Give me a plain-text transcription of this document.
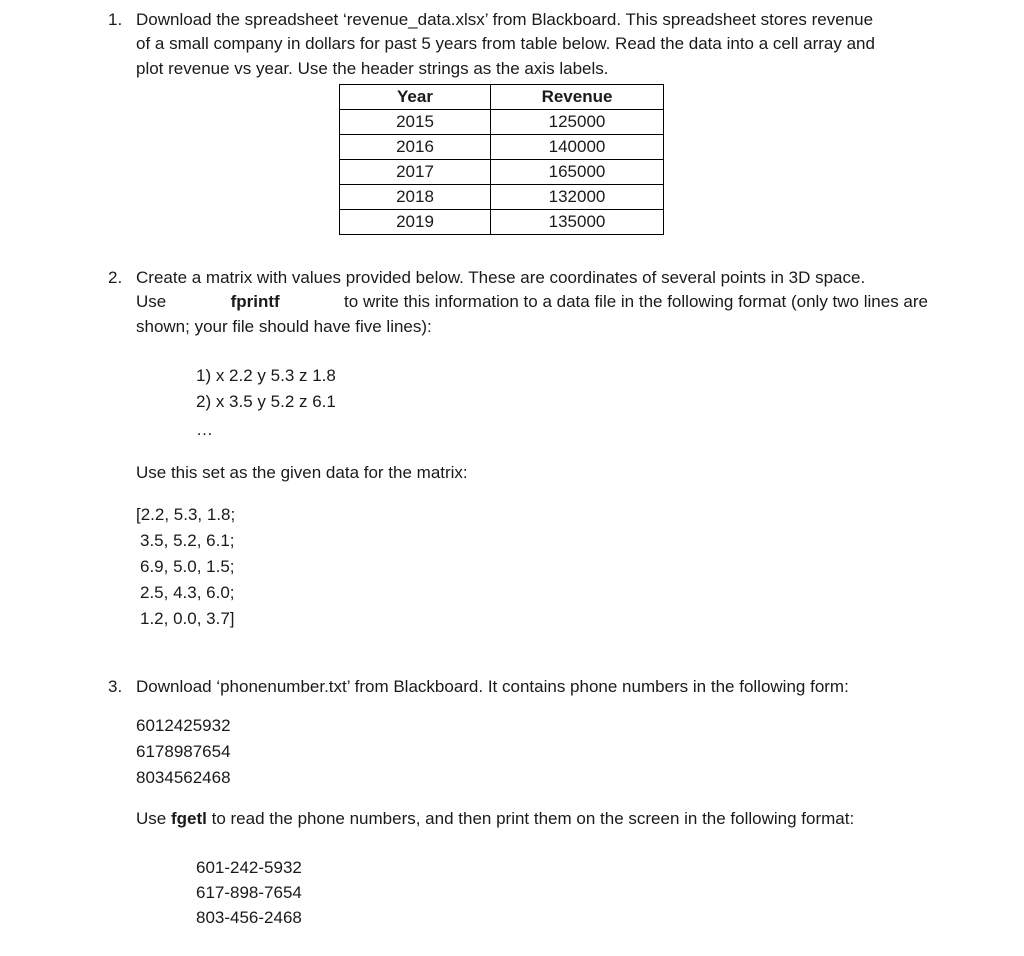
1. Download the spreadsheet ‘revenue_data.xlsx’ from Blackboard. This spreadsheet stores revenue
of a small company in dollars for past 5 years from table below. Read the data into a cell array and
plot revenue vs year. Use the header strings as the axis labels.
Year	Revenue
2015	125000
2016	140000
2017	165000
2018	132000
2019	135000
2. Create a matrix with values provided below. These are coordinates of several points in 3D space.
Use	fprintf	to write this information to a data file in the following format (only two lines are
shown; your file should have five lines):
1) x 2.2 y 5.3 z 1.8
2) x 3.5 y 5.2 z 6.1
…
Use this set as the given data for the matrix:
[2.2, 5.3, 1.8;
3.5, 5.2, 6.1;
6.9, 5.0, 1.5;
2.5, 4.3, 6.0;
1.2, 0.0, 3.7]
3. Download ‘phonenumber.txt’ from Blackboard. It contains phone numbers in the following form:
6012425932
6178987654
8034562468
Use fgetl to read the phone numbers, and then print them on the screen in the following format:
601-242-5932
617-898-7654
803-456-2468
